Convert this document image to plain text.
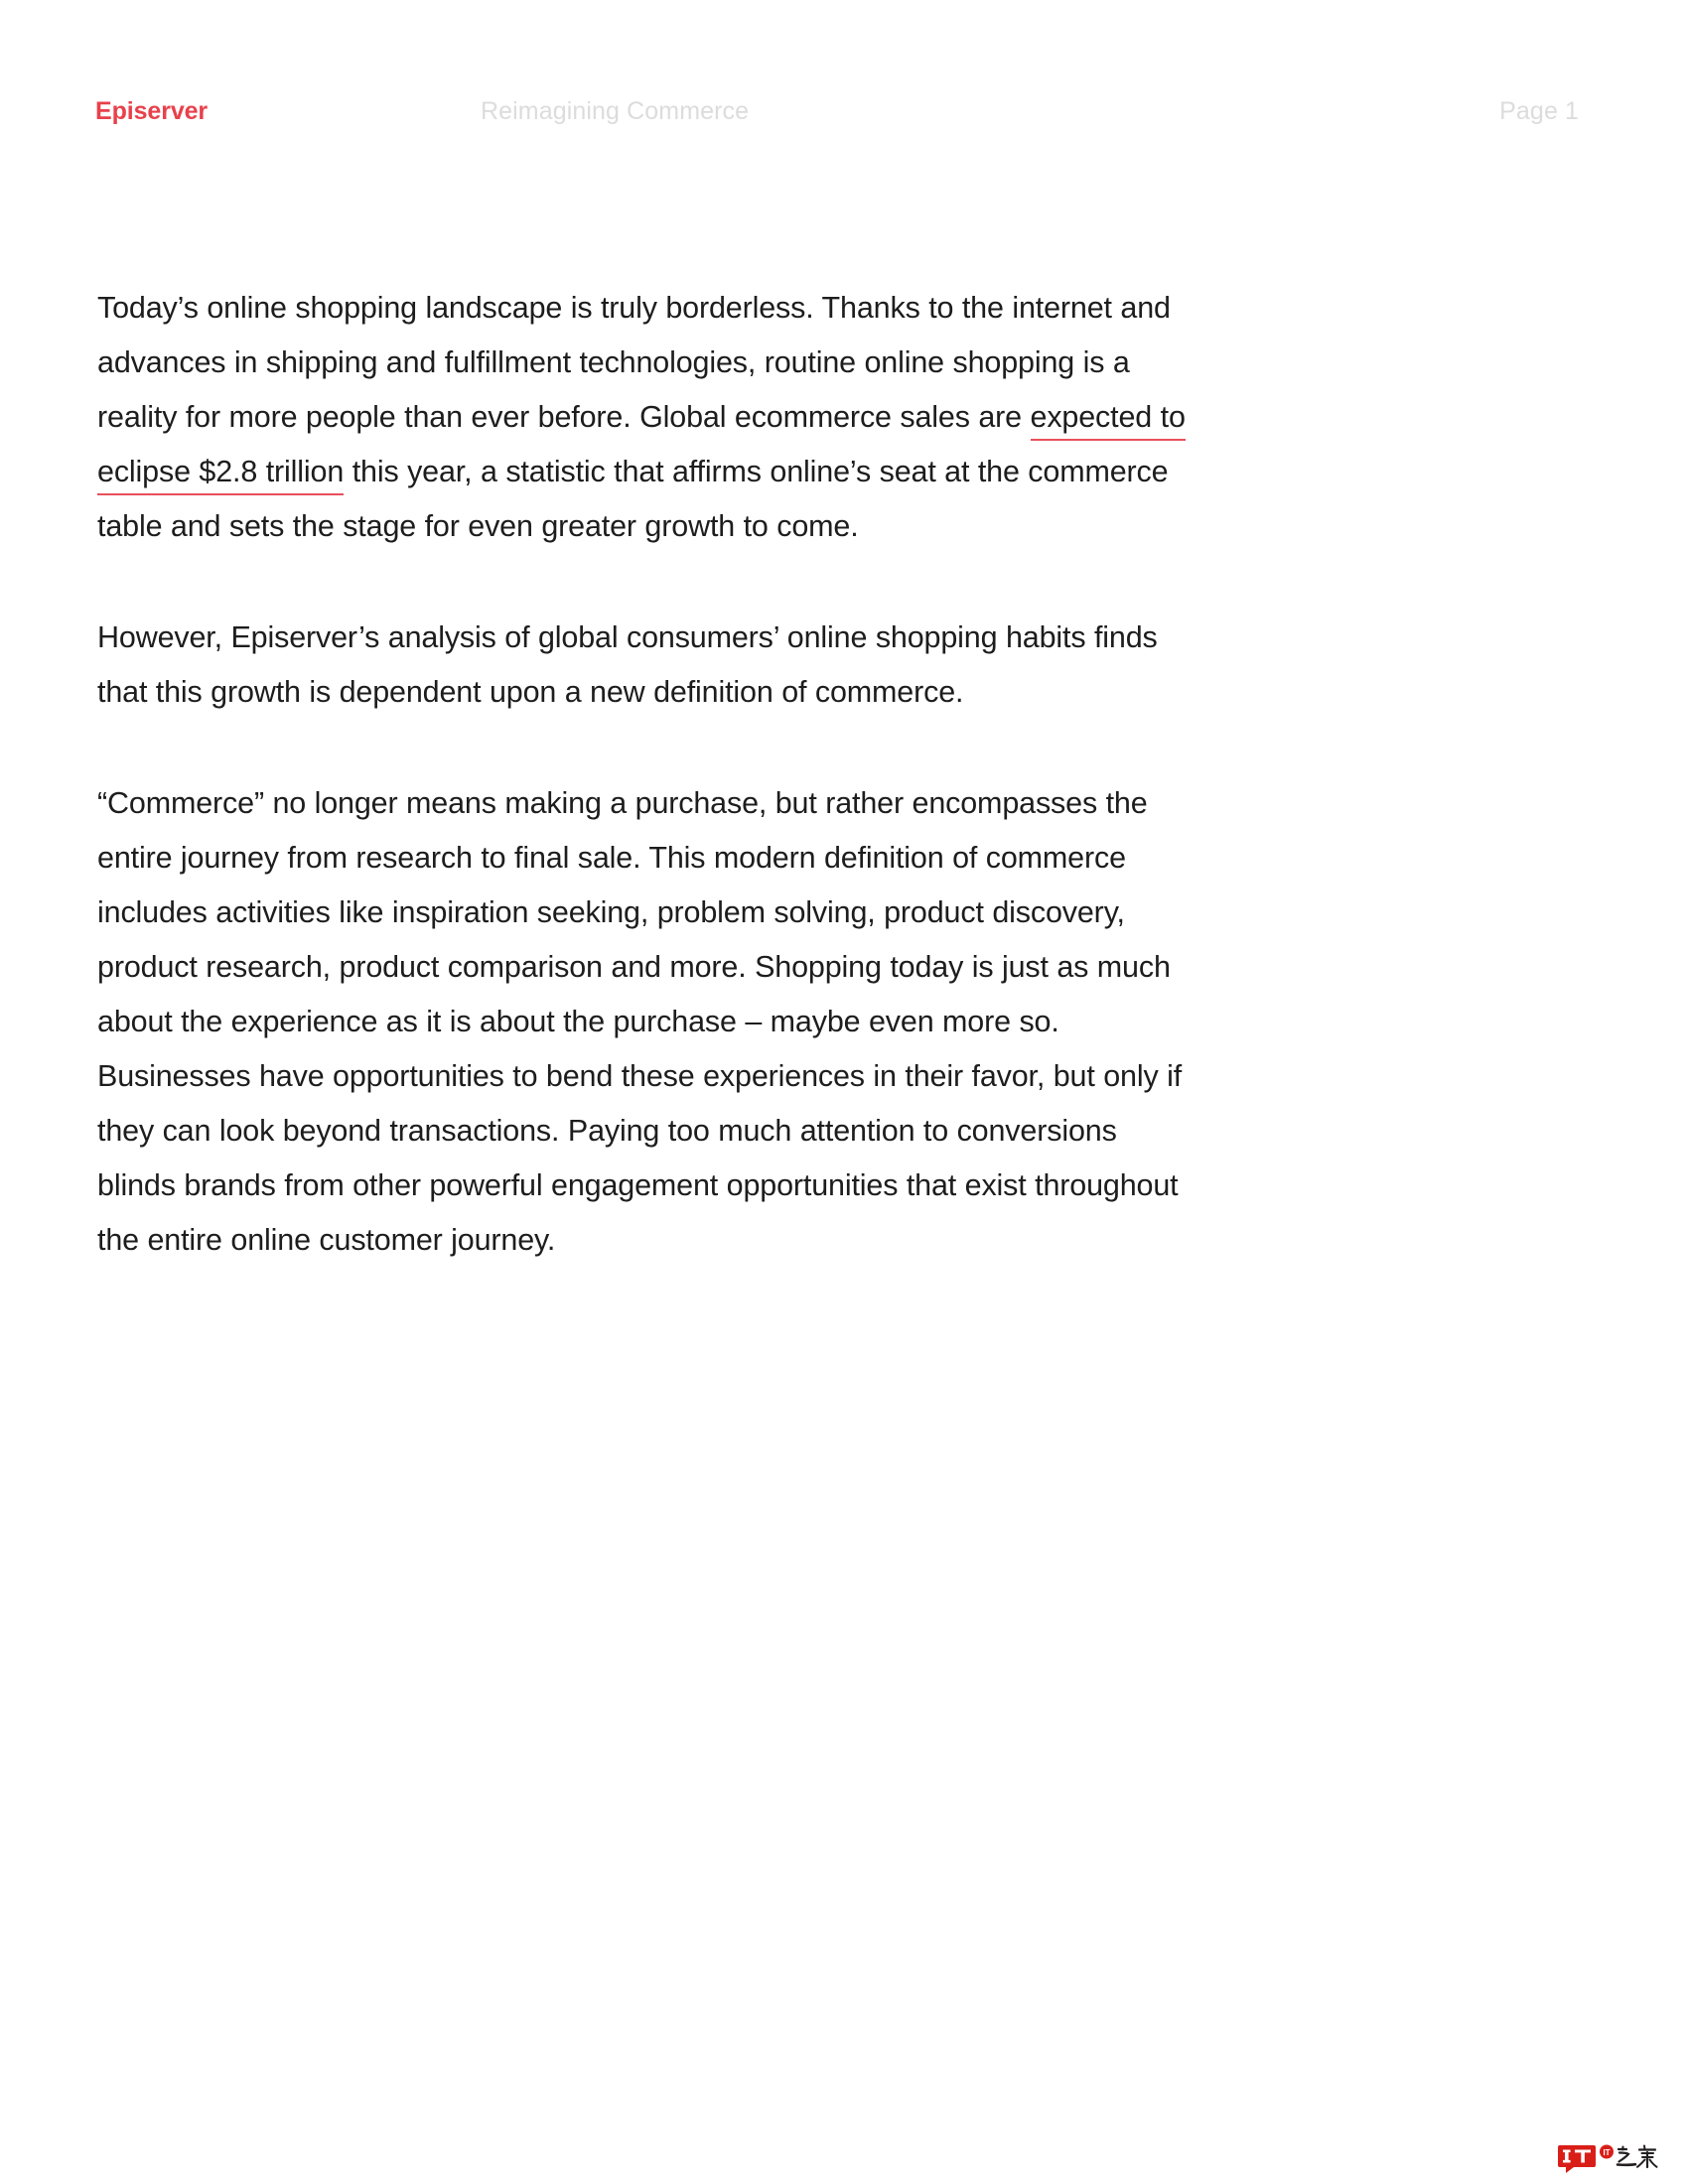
Episerver	Reimagining Commerce	Page 1

Today’s online shopping landscape is truly borderless. Thanks to the internet and advances in shipping and fulfillment technologies, routine online shopping is a reality for more people than ever before. Global ecommerce sales are expected to eclipse $2.8 trillion this year, a statistic that affirms online’s seat at the commerce table and sets the stage for even greater growth to come.

However, Episerver’s analysis of global consumers’ online shopping habits finds that this growth is dependent upon a new definition of commerce.

“Commerce” no longer means making a purchase, but rather encompasses the entire journey from research to final sale. This modern definition of commerce includes activities like inspiration seeking, problem solving, product discovery, product research, product comparison and more. Shopping today is just as much about the experience as it is about the purchase – maybe even more so. Businesses have opportunities to bend these experiences in their favor, but only if they can look beyond transactions. Paying too much attention to conversions blinds brands from other powerful engagement opportunities that exist throughout the entire online customer journey.

IT
